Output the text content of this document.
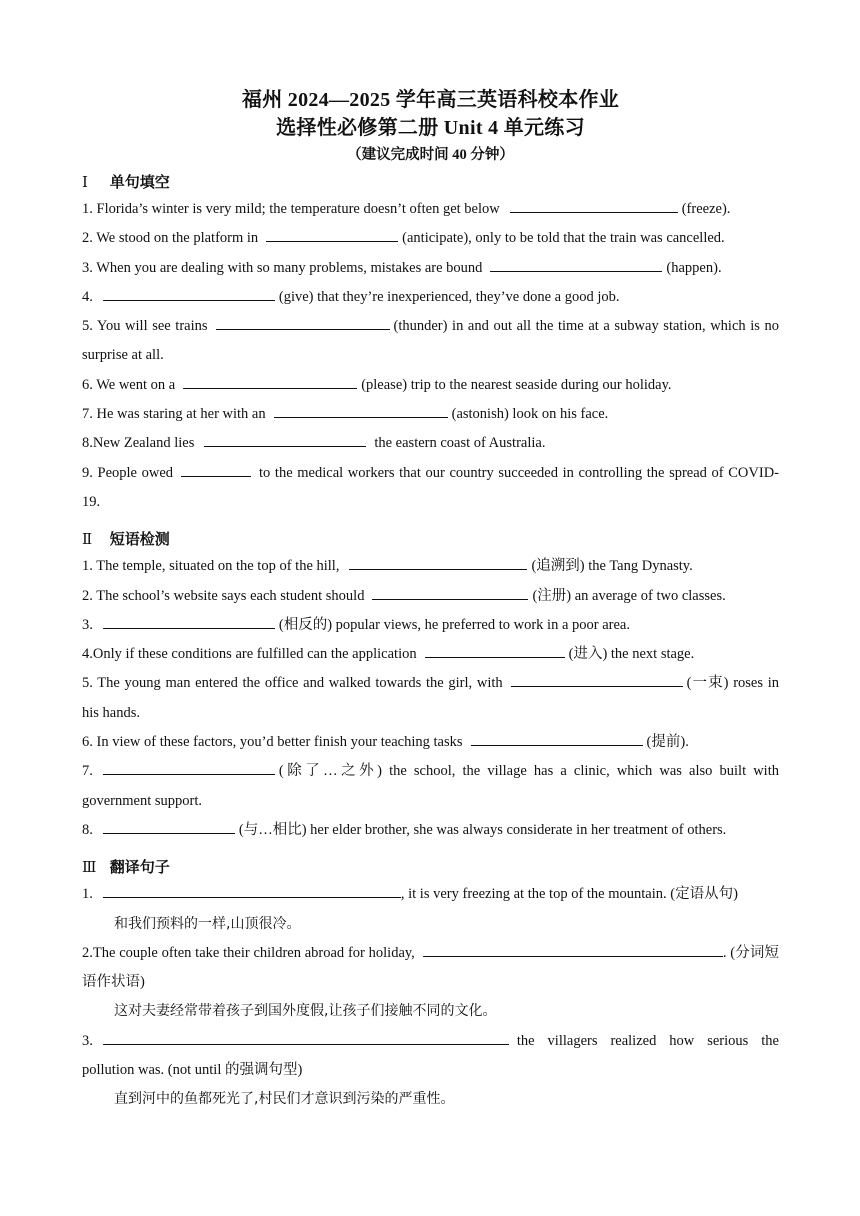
福州 2024—2025 学年高三英语科校本作业
选择性必修第二册 Unit 4 单元练习
（建议完成时间 40 分钟）
Ⅰ 单句填空
1. Florida’s winter is very mild; the temperature doesn’t often get below	(freeze).
2. We stood on the platform in	(anticipate), only to be told that the train was cancelled.
3. When you are dealing with so many problems, mistakes are bound	(happen).
4.	(give) that they’re inexperienced, they’ve done a good job.
5. You will see trains	(thunder) in and out all the time at a subway station, which is no surprise at all.
6. We went on a	(please) trip to the nearest seaside during our holiday.
7. He was staring at her with an	(astonish) look on his face.
8.New Zealand lies	the eastern coast of Australia.
9. People owed	to the medical workers that our country succeeded in controlling the spread of COVID-19.
Ⅱ 短语检测
1. The temple, situated on the top of the hill,	(追溯到) the Tang Dynasty.
2. The school’s website says each student should	(注册) an average of two classes.
3.	(相反的) popular views, he preferred to work in a poor area.
4.Only if these conditions are fulfilled can the application	(进入) the next stage.
5. The young man entered the office and walked towards the girl, with	(一束) roses in his hands.
6. In view of these factors, you’d better finish your teaching tasks	(提前).
7.	(除了…之外) the school, the village has a clinic, which was also built with government support.
8.	(与…相比) her elder brother, she was always considerate in her treatment of others.
Ⅲ 翻译句子
1.	, it is very freezing at the top of the mountain. (定语从句)
和我们预料的一样,山顶很冷。
2.The couple often take their children abroad for holiday,	. (分词短语作状语)
这对夫妻经常带着孩子到国外度假,让孩子们接触不同的文化。
3.	the villagers realized how serious the pollution was. (not until 的强调句型)
直到河中的鱼都死光了,村民们才意识到污染的严重性。
